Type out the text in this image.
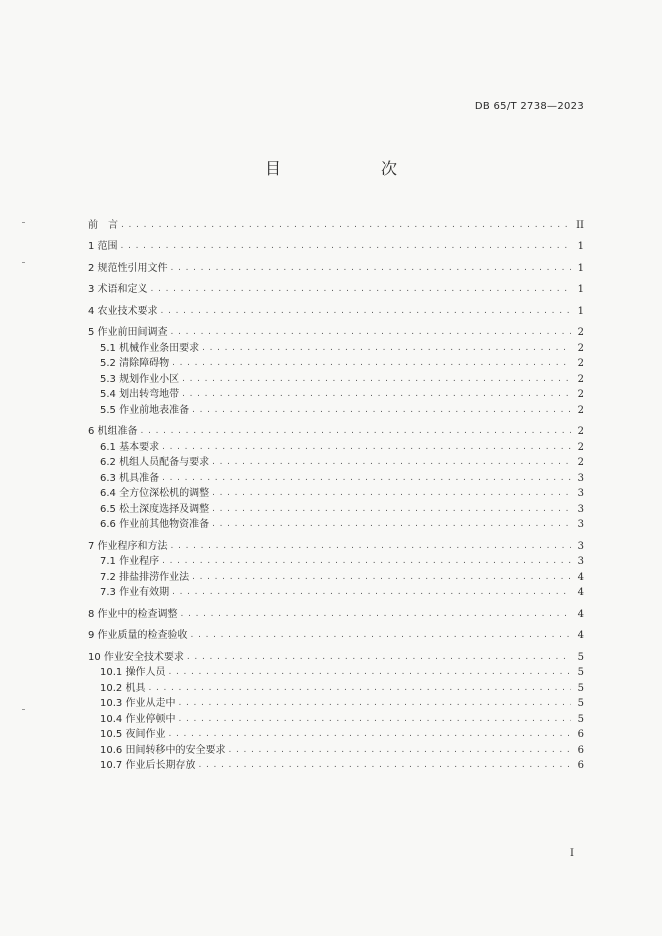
DB 65/T 2738—2023
目　次
前　言 . . .	II
1 范围 . . .	1
2 规范性引用文件 . . .	1
3 术语和定义 . . .	1
4 农业技术要求 . . .	1
5 作业前田间调查 . . .	2
5.1 机械作业条田要求 . . .	2
5.2 清除障碍物 . . .	2
5.3 规划作业小区 . . .	2
5.4 划出转弯地带 . . .	2
5.5 作业前地表准备 . . .	2
6 机组准备 . . .	2
6.1 基本要求 . . .	2
6.2 机组人员配备与要求 . . .	2
6.3 机具准备 . . .	3
6.4 全方位深松机的调整 . . .	3
6.5 松土深度选择及调整 . . .	3
6.6 作业前其他物资准备 . . .	3
7 作业程序和方法 . . .	3
7.1 作业程序 . . .	3
7.2 排盐排涝作业法 . . .	4
7.3 作业有效期 . . .	4
8 作业中的检查调整 . . .	4
9 作业质量的检查验收 . . .	4
10 作业安全技术要求 . . .	5
10.1 操作人员 . . .	5
10.2 机具 . . .	5
10.3 作业从走中 . . .	5
10.4 作业停顿中 . . .	5
10.5 夜间作业 . . .	6
10.6 田间转移中的安全要求 . . .	6
10.7 作业后长期存放 . . .	6
I
